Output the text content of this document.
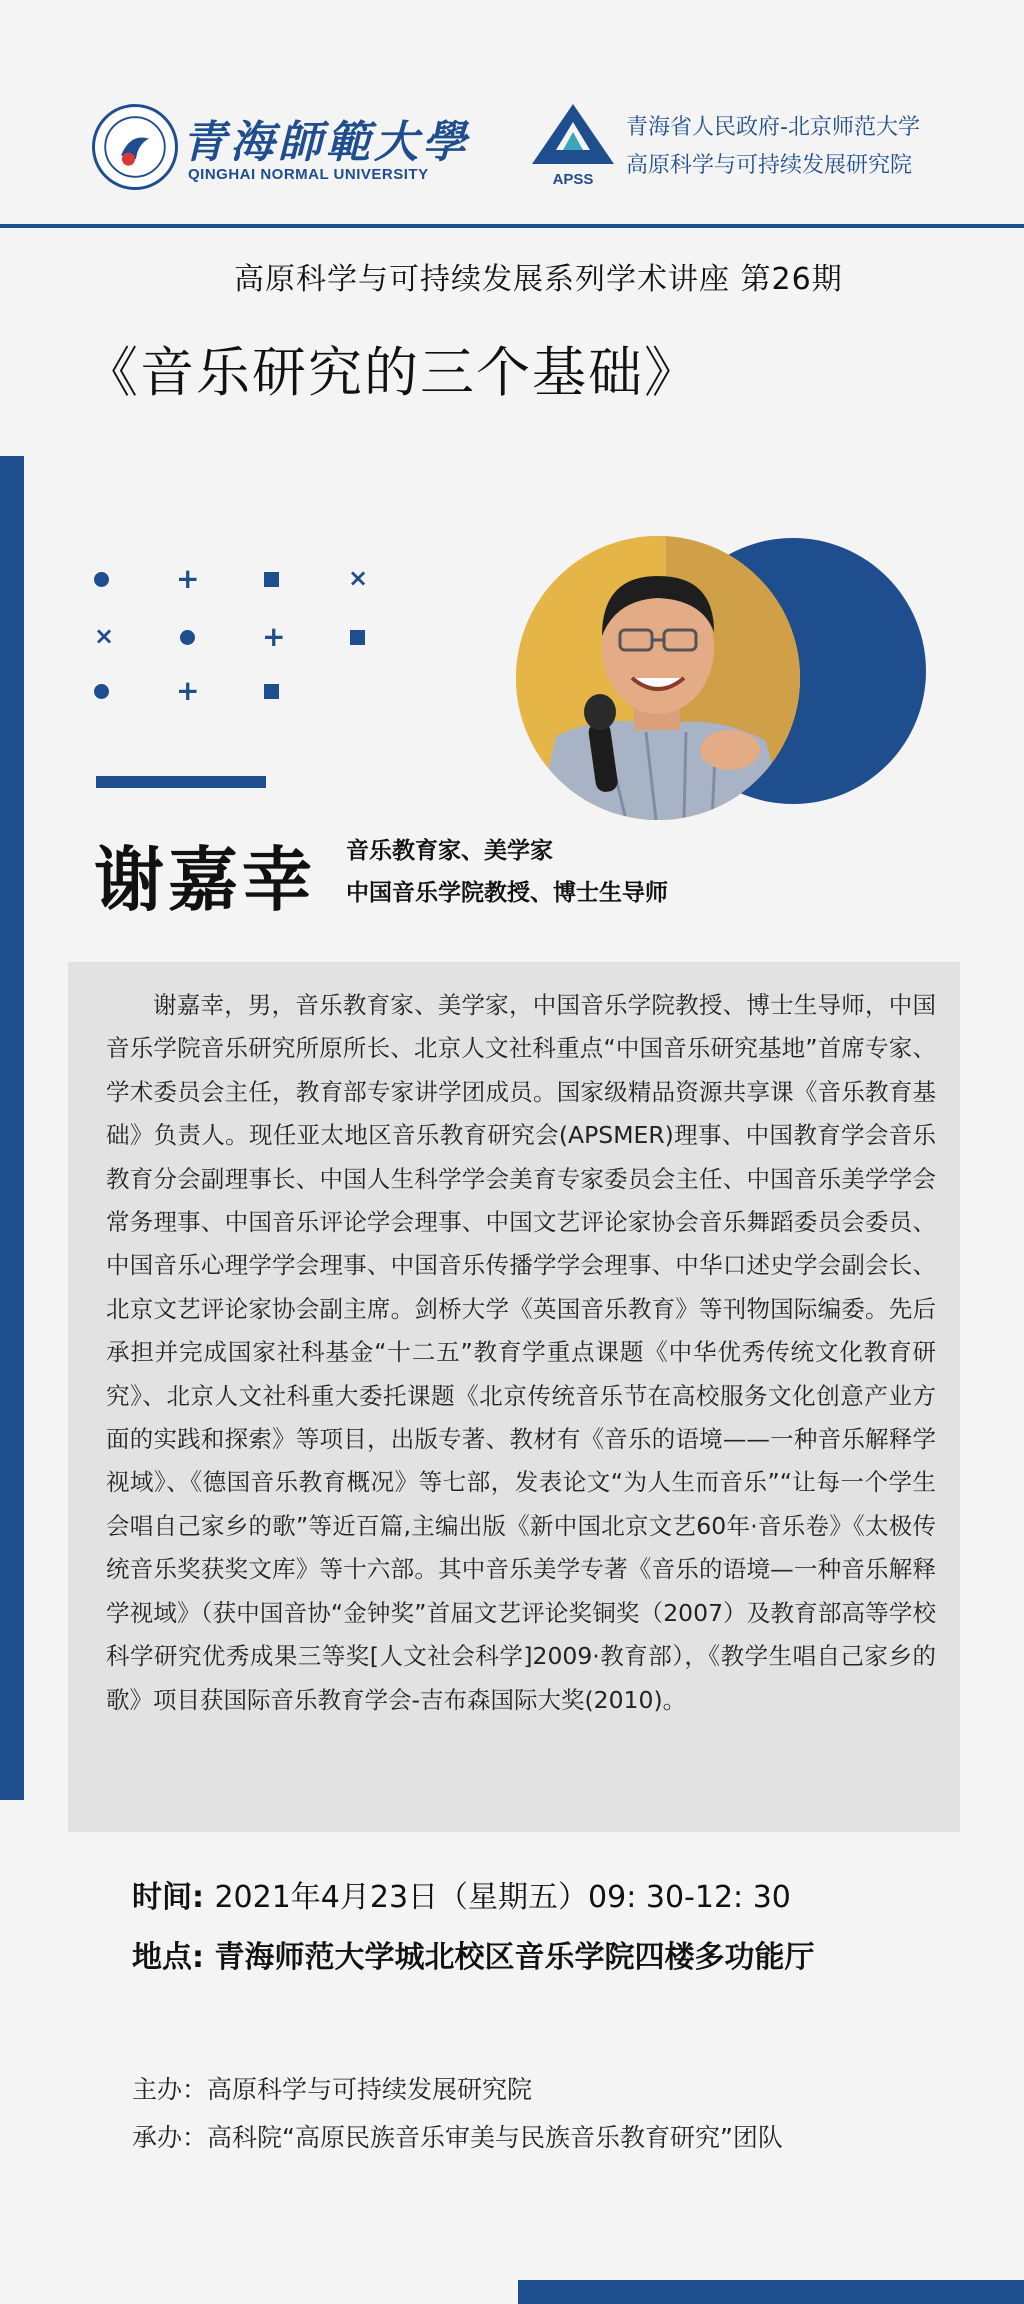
青海師範大學
QINGHAI NORMAL UNIVERSITY	APSS
青海省人民政府-北京师范大学
高原科学与可持续发展研究院
高原科学与可持续发展系列学术讲座 第26期
《音乐研究的三个基础》
+	×
×	+
+
谢嘉幸 音乐教育家、美学家
中国音乐学院教授、博士生导师

谢嘉幸，男，音乐教育家、美学家，中国音乐学院教授、博士生导师，中国音乐学院音乐研究所原所长、北京人文社科重点“中国音乐研究基地”首席专家、学术委员会主任，教育部专家讲学团成员。国家级精品资源共享课《音乐教育基础》负责人。现任亚太地区音乐教育研究会(APSMER)理事、中国教育学会音乐教育分会副理事长、中国人生科学学会美育专家委员会主任、中国音乐美学学会常务理事、中国音乐评论学会理事、中国文艺评论家协会音乐舞蹈委员会委员、中国音乐心理学学会理事、中国音乐传播学学会理事、中华口述史学会副会长、北京文艺评论家协会副主席。剑桥大学《英国音乐教育》等刊物国际编委。先后承担并完成国家社科基金“十二五”教育学重点课题《中华优秀传统文化教育研究》、北京人文社科重大委托课题《北京传统音乐节在高校服务文化创意产业方面的实践和探索》等项目，出版专著、教材有《音乐的语境——一种音乐解释学视域》、《德国音乐教育概况》等七部，发表论文“为人生而音乐”“让每一个学生会唱自己家乡的歌”等近百篇,主编出版《新中国北京文艺60年·音乐卷》《太极传统音乐奖获奖文库》等十六部。其中音乐美学专著《音乐的语境—一种音乐解释学视域》（获中国音协“金钟奖”首届文艺评论奖铜奖（2007）及教育部高等学校科学研究优秀成果三等奖[人文社会科学]2009·教育部），《教学生唱自己家乡的歌》项目获国际音乐教育学会-吉布森国际大奖(2010)。

时间: 2021年4月23日（星期五）09: 30-12: 30
地点: 青海师范大学城北校区音乐学院四楼多功能厅
主办：高原科学与可持续发展研究院
承办：高科院“高原民族音乐审美与民族音乐教育研究”团队
